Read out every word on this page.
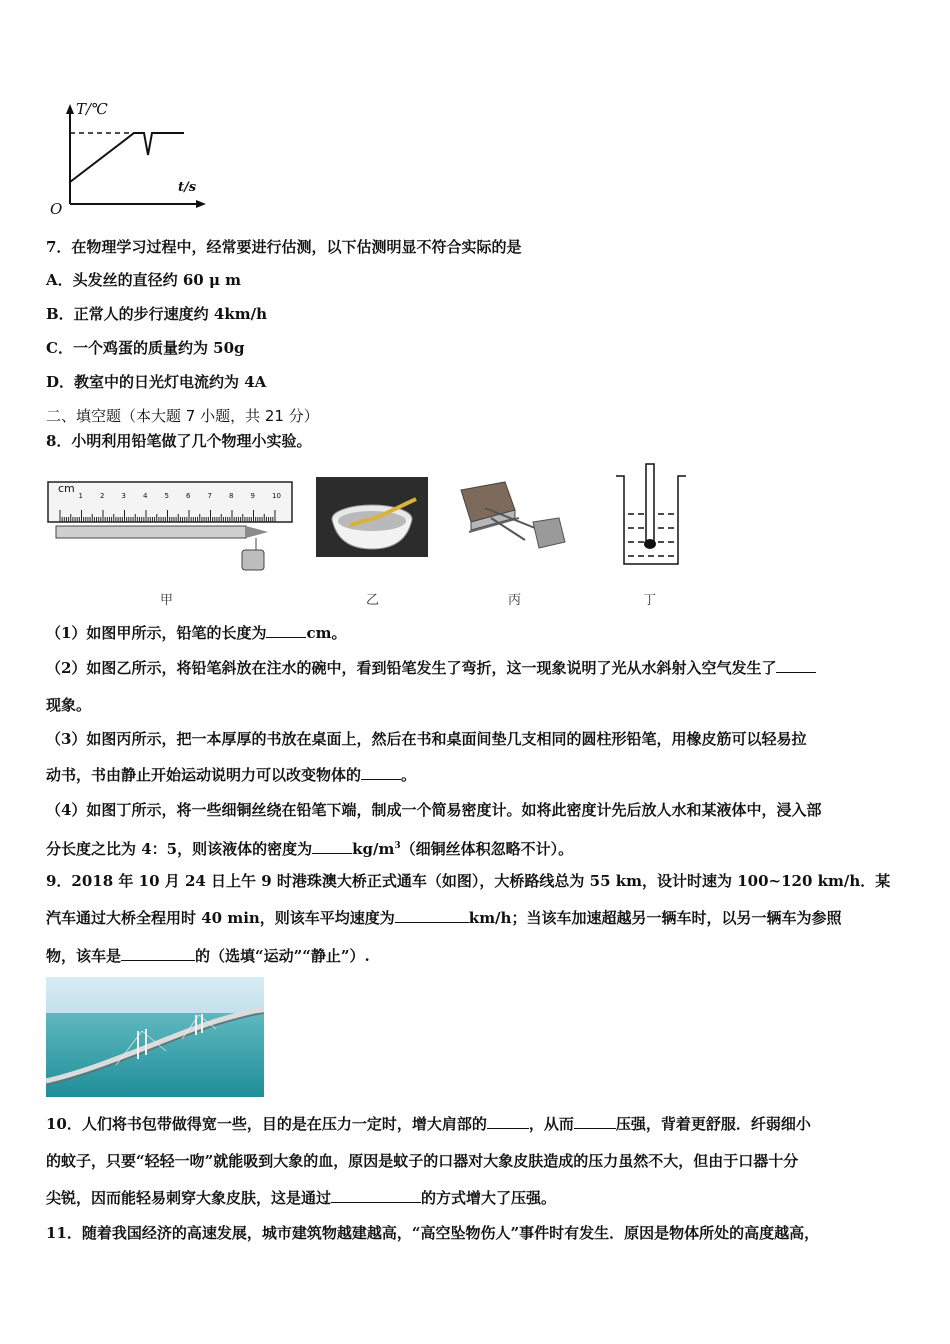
T/℃
t/s
O
7．在物理学习过程中，经常要进行估测，以下估测明显不符合实际的是
A．头发丝的直径约 60 μ m
B．正常人的步行速度约 4km/h
C．一个鸡蛋的质量约为 50g
D．教室中的日光灯电流约为 4A
二、填空题（本大题 7 小题，共 21 分）
8．小明利用铅笔做了几个物理小实验。
cm
1 2 3 4 5 6 7 8 9 10
甲	乙	丙	丁
（1）如图甲所示，铅笔的长度为	cm。
（2）如图乙所示，将铅笔斜放在注水的碗中，看到铅笔发生了弯折，这一现象说明了光从水斜射入空气发生了
现象。
（3）如图丙所示，把一本厚厚的书放在桌面上，然后在书和桌面间垫几支相同的圆柱形铅笔，用橡皮筋可以轻易拉
动书，书由静止开始运动说明力可以改变物体的	。
（4）如图丁所示，将一些细铜丝绕在铅笔下端，制成一个简易密度计。如将此密度计先后放人水和某液体中，浸入部
分长度之比为 4：5，则该液体的密度为	$kg/m^3$（细铜丝体积忽略不计）。
9．2018 年 10 月 24 日上午 9 时港珠澳大桥正式通车（如图），大桥路线总为 55 km，设计时速为 100~120 km/h．某
汽车通过大桥全程用时 40 min，则该车平均速度为	km/h；当该车加速超越另一辆车时，以另一辆车为参照
物，该车是	的（选填“运动”“静止”）.
10．人们将书包带做得宽一些，目的是在压力一定时，增大肩部的	，从而	压强，背着更舒服．纤弱细小
的蚊子，只要“轻轻一吻”就能吸到大象的血，原因是蚊子的口器对大象皮肤造成的压力虽然不大，但由于口器十分
尖锐，因而能轻易刺穿大象皮肤，这是通过	的方式增大了压强。
11．随着我国经济的高速发展，城市建筑物越建越高，“高空坠物伤人”事件时有发生．原因是物体所处的高度越高，
